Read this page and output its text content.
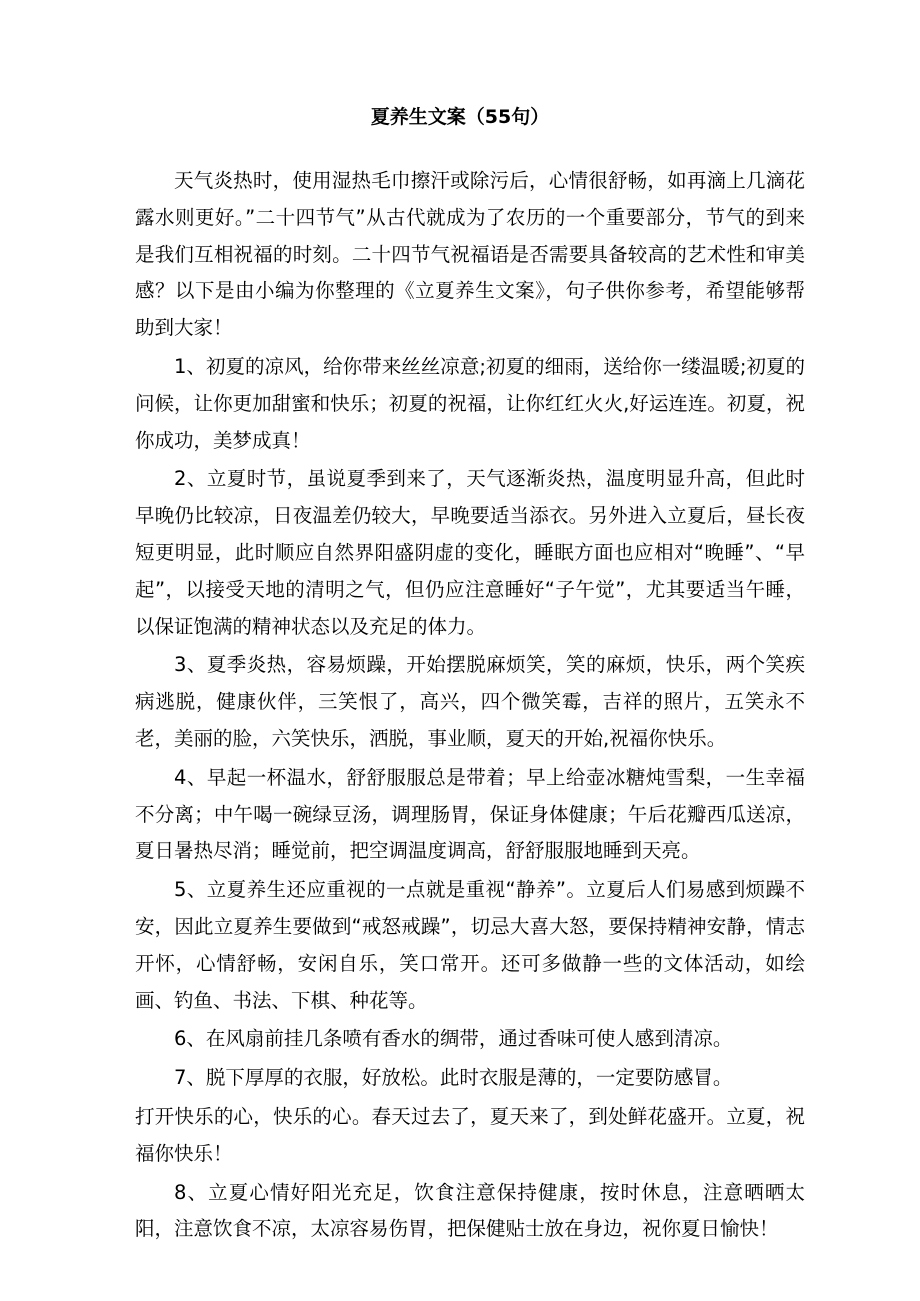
夏养生文案（55句）

天气炎热时，使用湿热毛巾擦汗或除污后，心情很舒畅，如再滴上几滴花露水则更好。”二十四节气”从古代就成为了农历的一个重要部分，节气的到来是我们互相祝福的时刻。二十四节气祝福语是否需要具备较高的艺术性和审美感？以下是由小编为你整理的《立夏养生文案》，句子供你参考，希望能够帮助到大家！

1、初夏的凉风，给你带来丝丝凉意;初夏的细雨，送给你一缕温暖;初夏的问候，让你更加甜蜜和快乐；初夏的祝福，让你红红火火,好运连连。初夏，祝你成功，美梦成真！

2、立夏时节，虽说夏季到来了，天气逐渐炎热，温度明显升高，但此时早晚仍比较凉，日夜温差仍较大，早晚要适当添衣。另外进入立夏后，昼长夜短更明显，此时顺应自然界阳盛阴虚的变化，睡眠方面也应相对“晚睡”、“早起”，以接受天地的清明之气，但仍应注意睡好“子午觉”，尤其要适当午睡，以保证饱满的精神状态以及充足的体力。

3、夏季炎热，容易烦躁，开始摆脱麻烦笑，笑的麻烦，快乐，两个笑疾病逃脱，健康伙伴，三笑恨了，高兴，四个微笑霉，吉祥的照片，五笑永不老，美丽的脸，六笑快乐，洒脱，事业顺，夏天的开始,祝福你快乐。

4、早起一杯温水，舒舒服服总是带着；早上给壶冰糖炖雪梨，一生幸福不分离；中午喝一碗绿豆汤，调理肠胃，保证身体健康；午后花瓣西瓜送凉，夏日暑热尽消；睡觉前，把空调温度调高，舒舒服服地睡到天亮。

5、立夏养生还应重视的一点就是重视“静养”。立夏后人们易感到烦躁不安，因此立夏养生要做到“戒怒戒躁”，切忌大喜大怒，要保持精神安静，情志开怀，心情舒畅，安闲自乐，笑口常开。还可多做静一些的文体活动，如绘画、钓鱼、书法、下棋、种花等。

6、在风扇前挂几条喷有香水的绸带，通过香味可使人感到清凉。

7、脱下厚厚的衣服，好放松。此时衣服是薄的，一定要防感冒。

打开快乐的心，快乐的心。春天过去了，夏天来了，到处鲜花盛开。立夏，祝福你快乐！

8、立夏心情好阳光充足，饮食注意保持健康，按时休息，注意晒晒太阳，注意饮食不凉，太凉容易伤胃，把保健贴士放在身边，祝你夏日愉快！
